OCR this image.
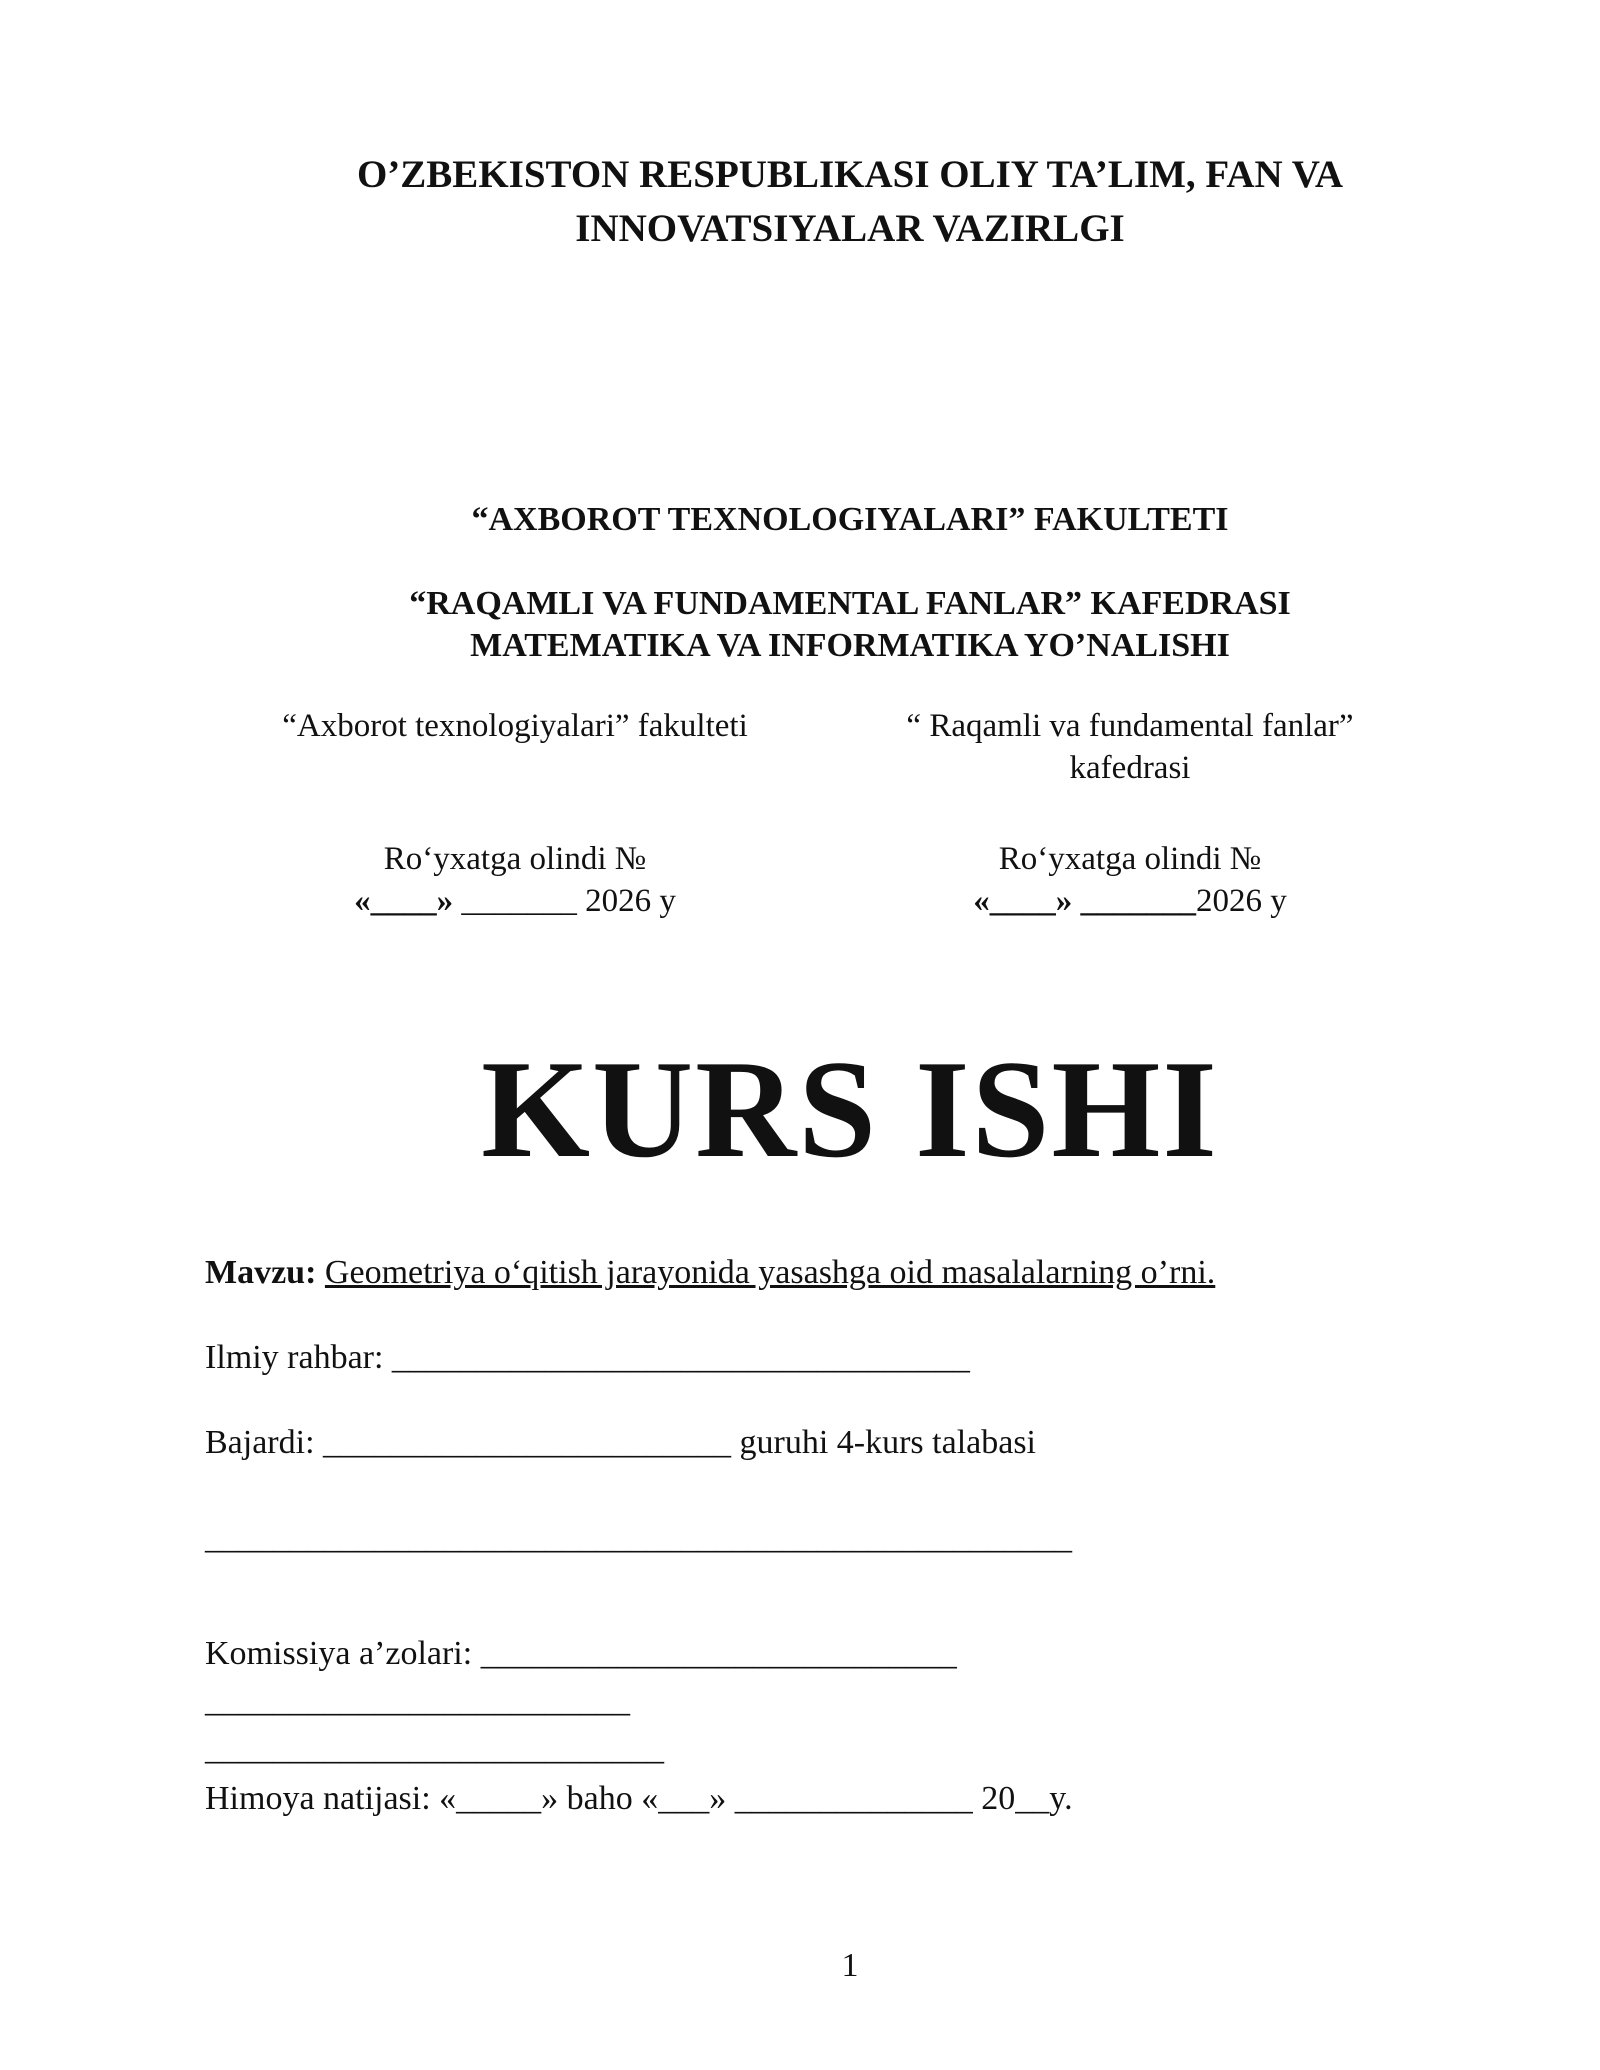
O’ZBEKISTON RESPUBLIKASI OLIY TA’LIM, FAN VA
INNOVATSIYALAR VAZIRLGI
“AXBOROT TEXNOLOGIYALARI” FAKULTETI
“RAQAMLI VA FUNDAMENTAL FANLAR” KAFEDRASI
MATEMATIKA VA INFORMATIKA YO’NALISHI
“Axborot texnologiyalari” fakulteti
Ro‘yxatga olindi №
«____» _______ 2026 y
“ Raqamli va fundamental fanlar”
kafedrasi
Ro‘yxatga olindi №
«____» _______2026 y
KURS ISHI
Mavzu: Geometriya o‘qitish jarayonida yasashga oid masalalarning o’rni.
Ilmiy rahbar: __________________________________
Bajardi: ________________________ guruhi 4-kurs talabasi
___________________________________________________
Komissiya a’zolari: ____________________________
_________________________
___________________________
Himoya natijasi: «_____» baho «___» ______________ 20__y.
1
